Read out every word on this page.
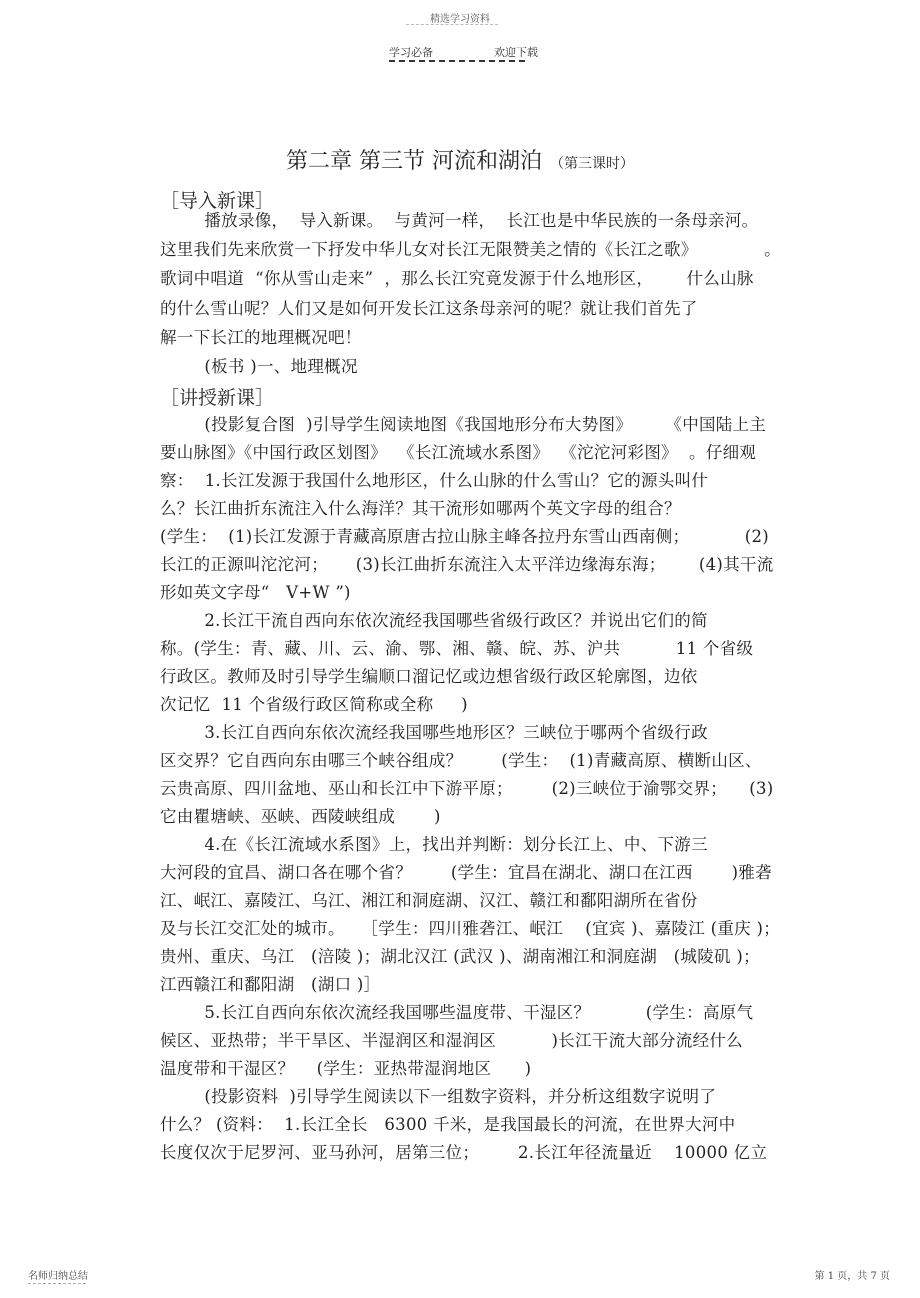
精选学习资料
学习必备	欢迎下载
第二章 第三节 河流和湖泊 （第三课时）
［导入新课］
［讲授新课］
播放录像，  导入新课。  与黄河一样，  长江也是中华民族的一条母亲河。
这里我们先来欣赏一下抒发中华儿女对长江无限赞美之情的《长江之歌》            。
歌词中唱道  “你从雪山走来”  ，那么长江究竟发源于什么地形区，      什么山脉
的什么雪山呢？人们又是如何开发长江这条母亲河的呢？就让我们首先了
解一下长江的地理概况吧！
(板书 )一、地理概况
(投影复合图  )引导学生阅读地图《我国地形分布大势图》      《中国陆上主
要山脉图》《中国行政区划图》  《长江流域水系图》  《沱沱河彩图》  。仔细观
察：  1.长江发源于我国什么地形区，什么山脉的什么雪山？它的源头叫什
么？长江曲折东流注入什么海洋？其干流形如哪两个英文字母的组合？
(学生：  (1)长江发源于青藏高原唐古拉山脉主峰各拉丹东雪山西南侧；          (2)
长江的正源叫沱沱河；     (3)长江曲折东流注入太平洋边缘海东海；      (4)其干流
形如英文字母“   V+W ”)
2.长江干流自西向东依次流经我国哪些省级行政区？并说出它们的简
称。(学生：青、藏、川、云、渝、鄂、湘、赣、皖、苏、沪共          11 个省级
行政区。教师及时引导学生编顺口溜记忆或边想省级行政区轮廓图，边依
次记忆  11 个省级行政区简称或全称     )
3.长江自西向东依次流经我国哪些地形区？三峡位于哪两个省级行政
区交界？它自西向东由哪三个峡谷组成？       (学生：  (1)青藏高原、横断山区、
云贵高原、四川盆地、巫山和长江中下游平原；       (2)三峡位于渝鄂交界；    (3)
它由瞿塘峡、巫峡、西陵峡组成       )
4.在《长江流域水系图》上，找出并判断：划分长江上、中、下游三
大河段的宜昌、湖口各在哪个省？       (学生：宜昌在湖北、湖口在江西       )雅砻
江、岷江、嘉陵江、乌江、湘江和洞庭湖、汉江、赣江和鄱阳湖所在省份
及与长江交汇处的城市。   ［学生：四川雅砻江、岷江    (宜宾 )、嘉陵江 (重庆 )；
贵州、重庆、乌江   (涪陵 )；湖北汉江 (武汉 )、湖南湘江和洞庭湖   (城陵矶 )；
江西赣江和鄱阳湖   (湖口 )］
5.长江自西向东依次流经我国哪些温度带、干湿区？          (学生：高原气
候区、亚热带；半干旱区、半湿润区和湿润区          )长江干流大部分流经什么
温度带和干湿区？    (学生：亚热带湿润地区      )
(投影资料  )引导学生阅读以下一组数字资料，并分析这组数字说明了
什么？ (资料：  1.长江全长   6300 千米，是我国最长的河流，在世界大河中
长度仅次于尼罗河、亚马孙河，居第三位；       2.长江年径流量近    10000 亿立
名师归纳总结	第 1 页，共 7 页
